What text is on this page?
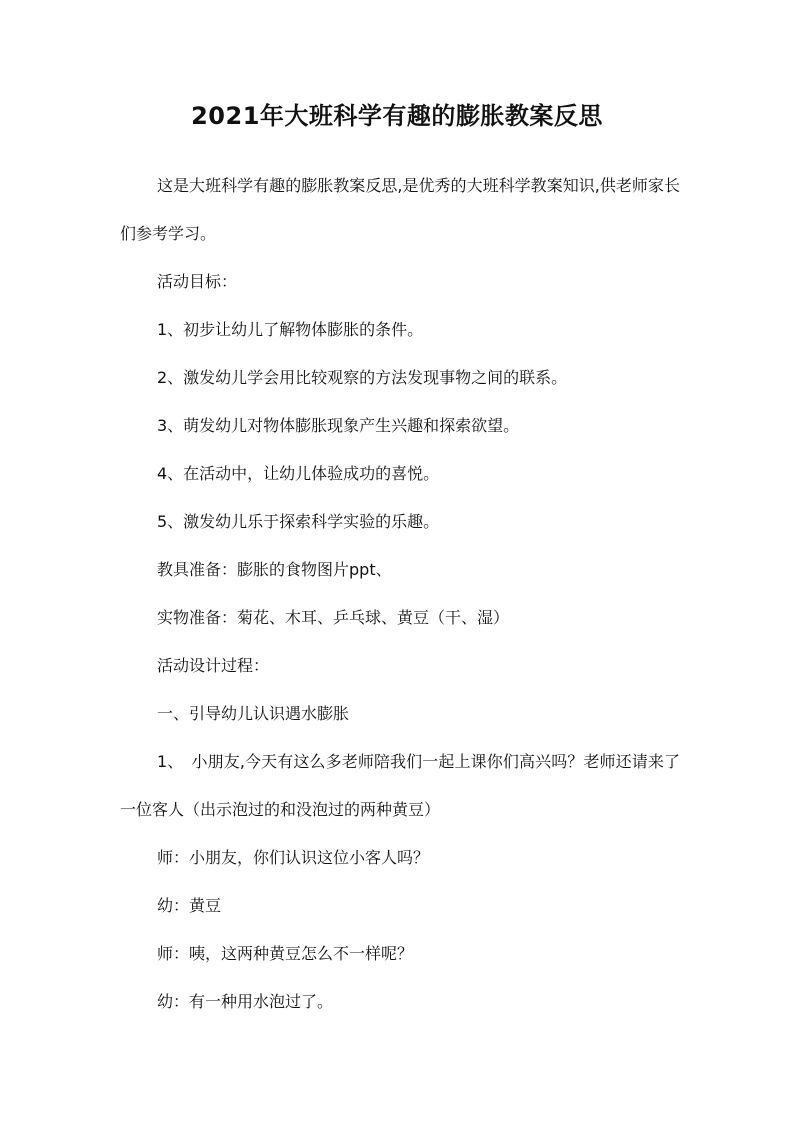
2021年大班科学有趣的膨胀教案反思

这是大班科学有趣的膨胀教案反思,是优秀的大班科学教案知识,供老师家长们参考学习。

活动目标：

1、初步让幼儿了解物体膨胀的条件。

2、激发幼儿学会用比较观察的方法发现事物之间的联系。

3、萌发幼儿对物体膨胀现象产生兴趣和探索欲望。

4、在活动中，让幼儿体验成功的喜悦。

5、激发幼儿乐于探索科学实验的乐趣。

教具准备：膨胀的食物图片ppt、

实物准备：菊花、木耳、乒乓球、黄豆（干、湿）

活动设计过程：

一、引导幼儿认识遇水膨胀

1、　小朋友,今天有这么多老师陪我们一起上课你们高兴吗？老师还请来了一位客人（出示泡过的和没泡过的两种黄豆）

师：小朋友，你们认识这位小客人吗？

幼：黄豆

师：咦，这两种黄豆怎么不一样呢？

幼：有一种用水泡过了。
